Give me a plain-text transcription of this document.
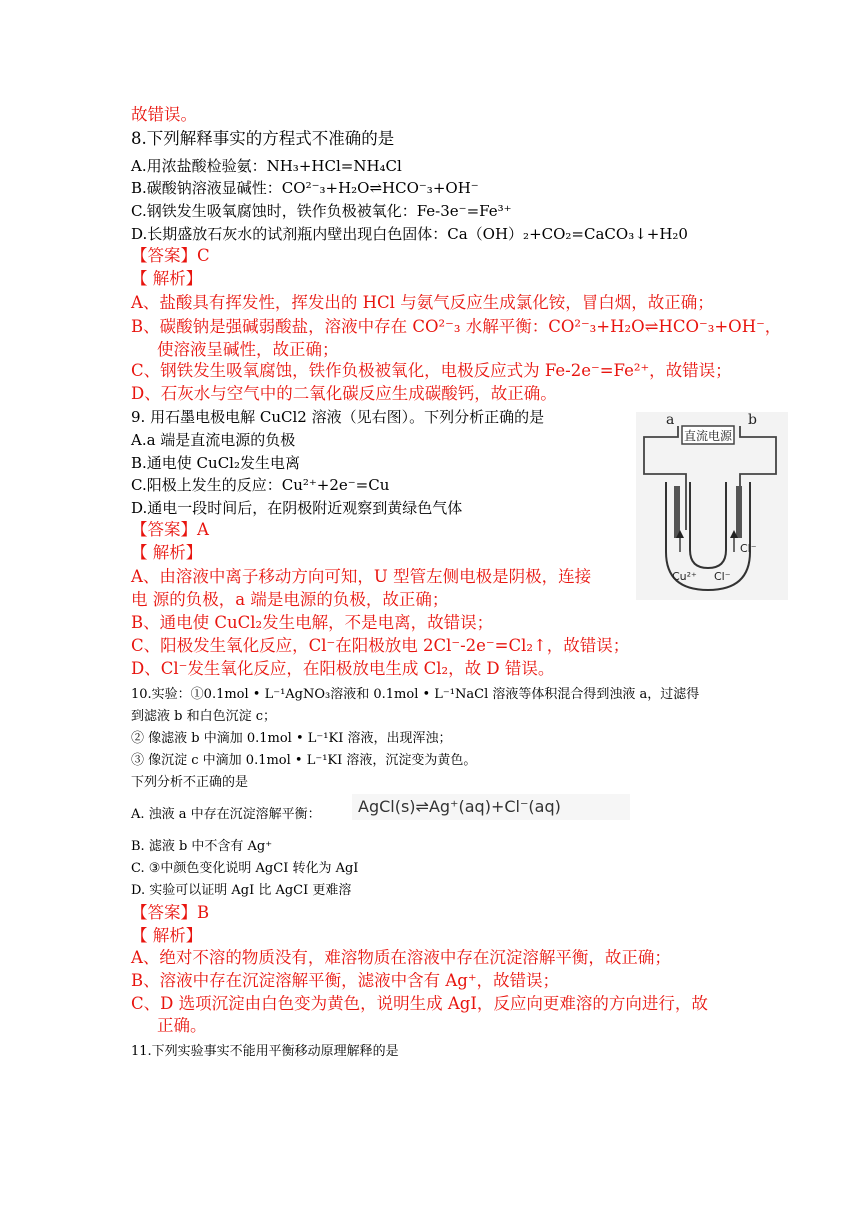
故错误。
8.下列解释事实的方程式不准确的是
A.用浓盐酸检验氨：NH₃+HCl=NH₄Cl
B.碳酸钠溶液显碱性：CO²⁻₃+H₂O⇌HCO⁻₃+OH⁻
C.钢铁发生吸氧腐蚀时，铁作负极被氧化：Fe-3e⁻=Fe³⁺
D.长期盛放石灰水的试剂瓶内壁出现白色固体：Ca（OH）₂+CO₂=CaCO₃↓+H₂0
【答案】C
【 解析】
A、盐酸具有挥发性，挥发出的 HCl 与氨气反应生成氯化铵，冒白烟，故正确；
B、碳酸钠是强碱弱酸盐，溶液中存在 CO²⁻₃ 水解平衡：CO²⁻₃+H₂O⇌HCO⁻₃+OH⁻，
使溶液呈碱性，故正确；
C、钢铁发生吸氧腐蚀，铁作负极被氧化，电极反应式为 Fe-2e⁻=Fe²⁺，故错误；
D、石灰水与空气中的二氧化碳反应生成碳酸钙，故正确。
9. 用石墨电极电解 CuCl2 溶液（见右图）。下列分析正确的是
A.a 端是直流电源的负极
B.通电使 CuCl₂发生电离
C.阳极上发生的反应：Cu²⁺+2e⁻=Cu
D.通电一段时间后，在阴极附近观察到黄绿色气体
【答案】A
【 解析】
A、由溶液中离子移动方向可知，U 型管左侧电极是阴极，连接
电 源的负极，a 端是电源的负极，故正确；
B、通电使 CuCl₂发生电解，不是电离，故错误；
C、阳极发生氧化反应，Cl⁻在阳极放电 2Cl⁻-2e⁻=Cl₂↑，故错误；
D、Cl⁻发生氧化反应，在阳极放电生成 Cl₂，故 D 错误。
10.实验：①0.1mol • L⁻¹AgNO₃溶液和 0.1mol • L⁻¹NaCl 溶液等体积混合得到浊液 a，过滤得
到滤液 b 和白色沉淀 c；
② 像滤液 b 中滴加 0.1mol • L⁻¹KI 溶液，出现浑浊；
③ 像沉淀 c 中滴加 0.1mol • L⁻¹KI 溶液，沉淀变为黄色。
下列分析不正确的是
A. 浊液 a 中存在沉淀溶解平衡：
B. 滤液 b 中不含有 Ag⁺
C. ③中颜色变化说明 AgCI 转化为 AgI
D. 实验可以证明 AgI 比 AgCI 更难溶
【答案】B
【 解析】
A、绝对不溶的物质没有，难溶物质在溶液中存在沉淀溶解平衡，故正确；
B、溶液中存在沉淀溶解平衡，滤液中含有 Ag⁺，故错误；
C、D 选项沉淀由白色变为黄色，说明生成 AgI，反应向更难溶的方向进行，故
正确。
11.下列实验事实不能用平衡移动原理解释的是
AgCl(s)⇌Ag⁺(aq)+Cl⁻(aq)
直流电源
a	b
Cu²⁺ Cl⁻
Cl⁻
